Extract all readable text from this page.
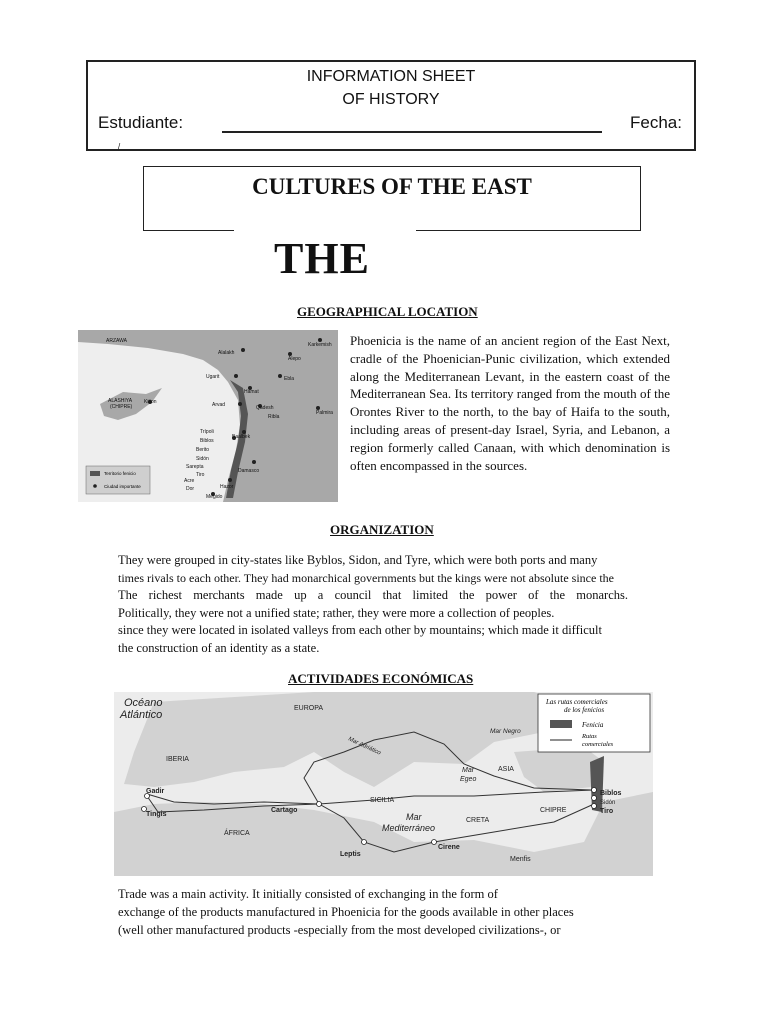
INFORMATION SHEET
OF HISTORY
Estudiante:	Fecha:
/
CULTURES OF THE EAST
THE
GEOGRAPHICAL LOCATION
ARZAWA
Karkemish
Alalakh
Alepo
Ugarit	Ebla
Hamat
ALASHIYA
(CHIPRE)
Kition	Arvad	Qadesh
Ribla
Palmira
Trípoli
Biblos
Baalbek
Berito
Sidón
Sarepta
Tiro
Damasco
Acre
Hazor
Dor
Megido
Territorio fenicio
Ciudad importante
Phoenicia is the name of an ancient region of the East Next, cradle of the Phoenician-Punic civilization, which extended along the Mediterranean Levant, in the eastern coast of the Mediterranean Sea. Its territory ranged from the mouth of the Orontes River to the north, to the bay of Haifa to the south, including areas of present-day Israel, Syria, and Lebanon, a region formerly called Canaan, with which denomination is often encompassed in the sources.
ORGANIZATION
They were grouped in city-states like Byblos, Sidon, and Tyre, which were both ports and many
times rivals to each other. They had monarchical governments but the kings were not absolute since the
The richest merchants made up a council that limited the power of the monarchs.
Politically, they were not a unified state; rather, they were more a collection of peoples.
since they were located in isolated valleys from each other by mountains; which made it difficult
the construction of an identity as a state.
ACTIVIDADES ECONÓMICAS
Océano
Atlántico
EUROPA
IBERIA
Gadir
Tingis
ÁFRICA
Cartago
SICILIA
Mar Adriático
Mar Negro
ASIA
Mar
Egeo
CRETA
CHIPRE
Mar
Mediterráneo
Leptis
Cirene
Menfis
Biblos
Sidón
Tiro
Las rutas comerciales
de los fenicios
Fenicia
Rutas
comerciales
Trade was a main activity. It initially consisted of exchanging in the form of
exchange of the products manufactured in Phoenicia for the goods available in other places
(well other manufactured products -especially from the most developed civilizations-, or
